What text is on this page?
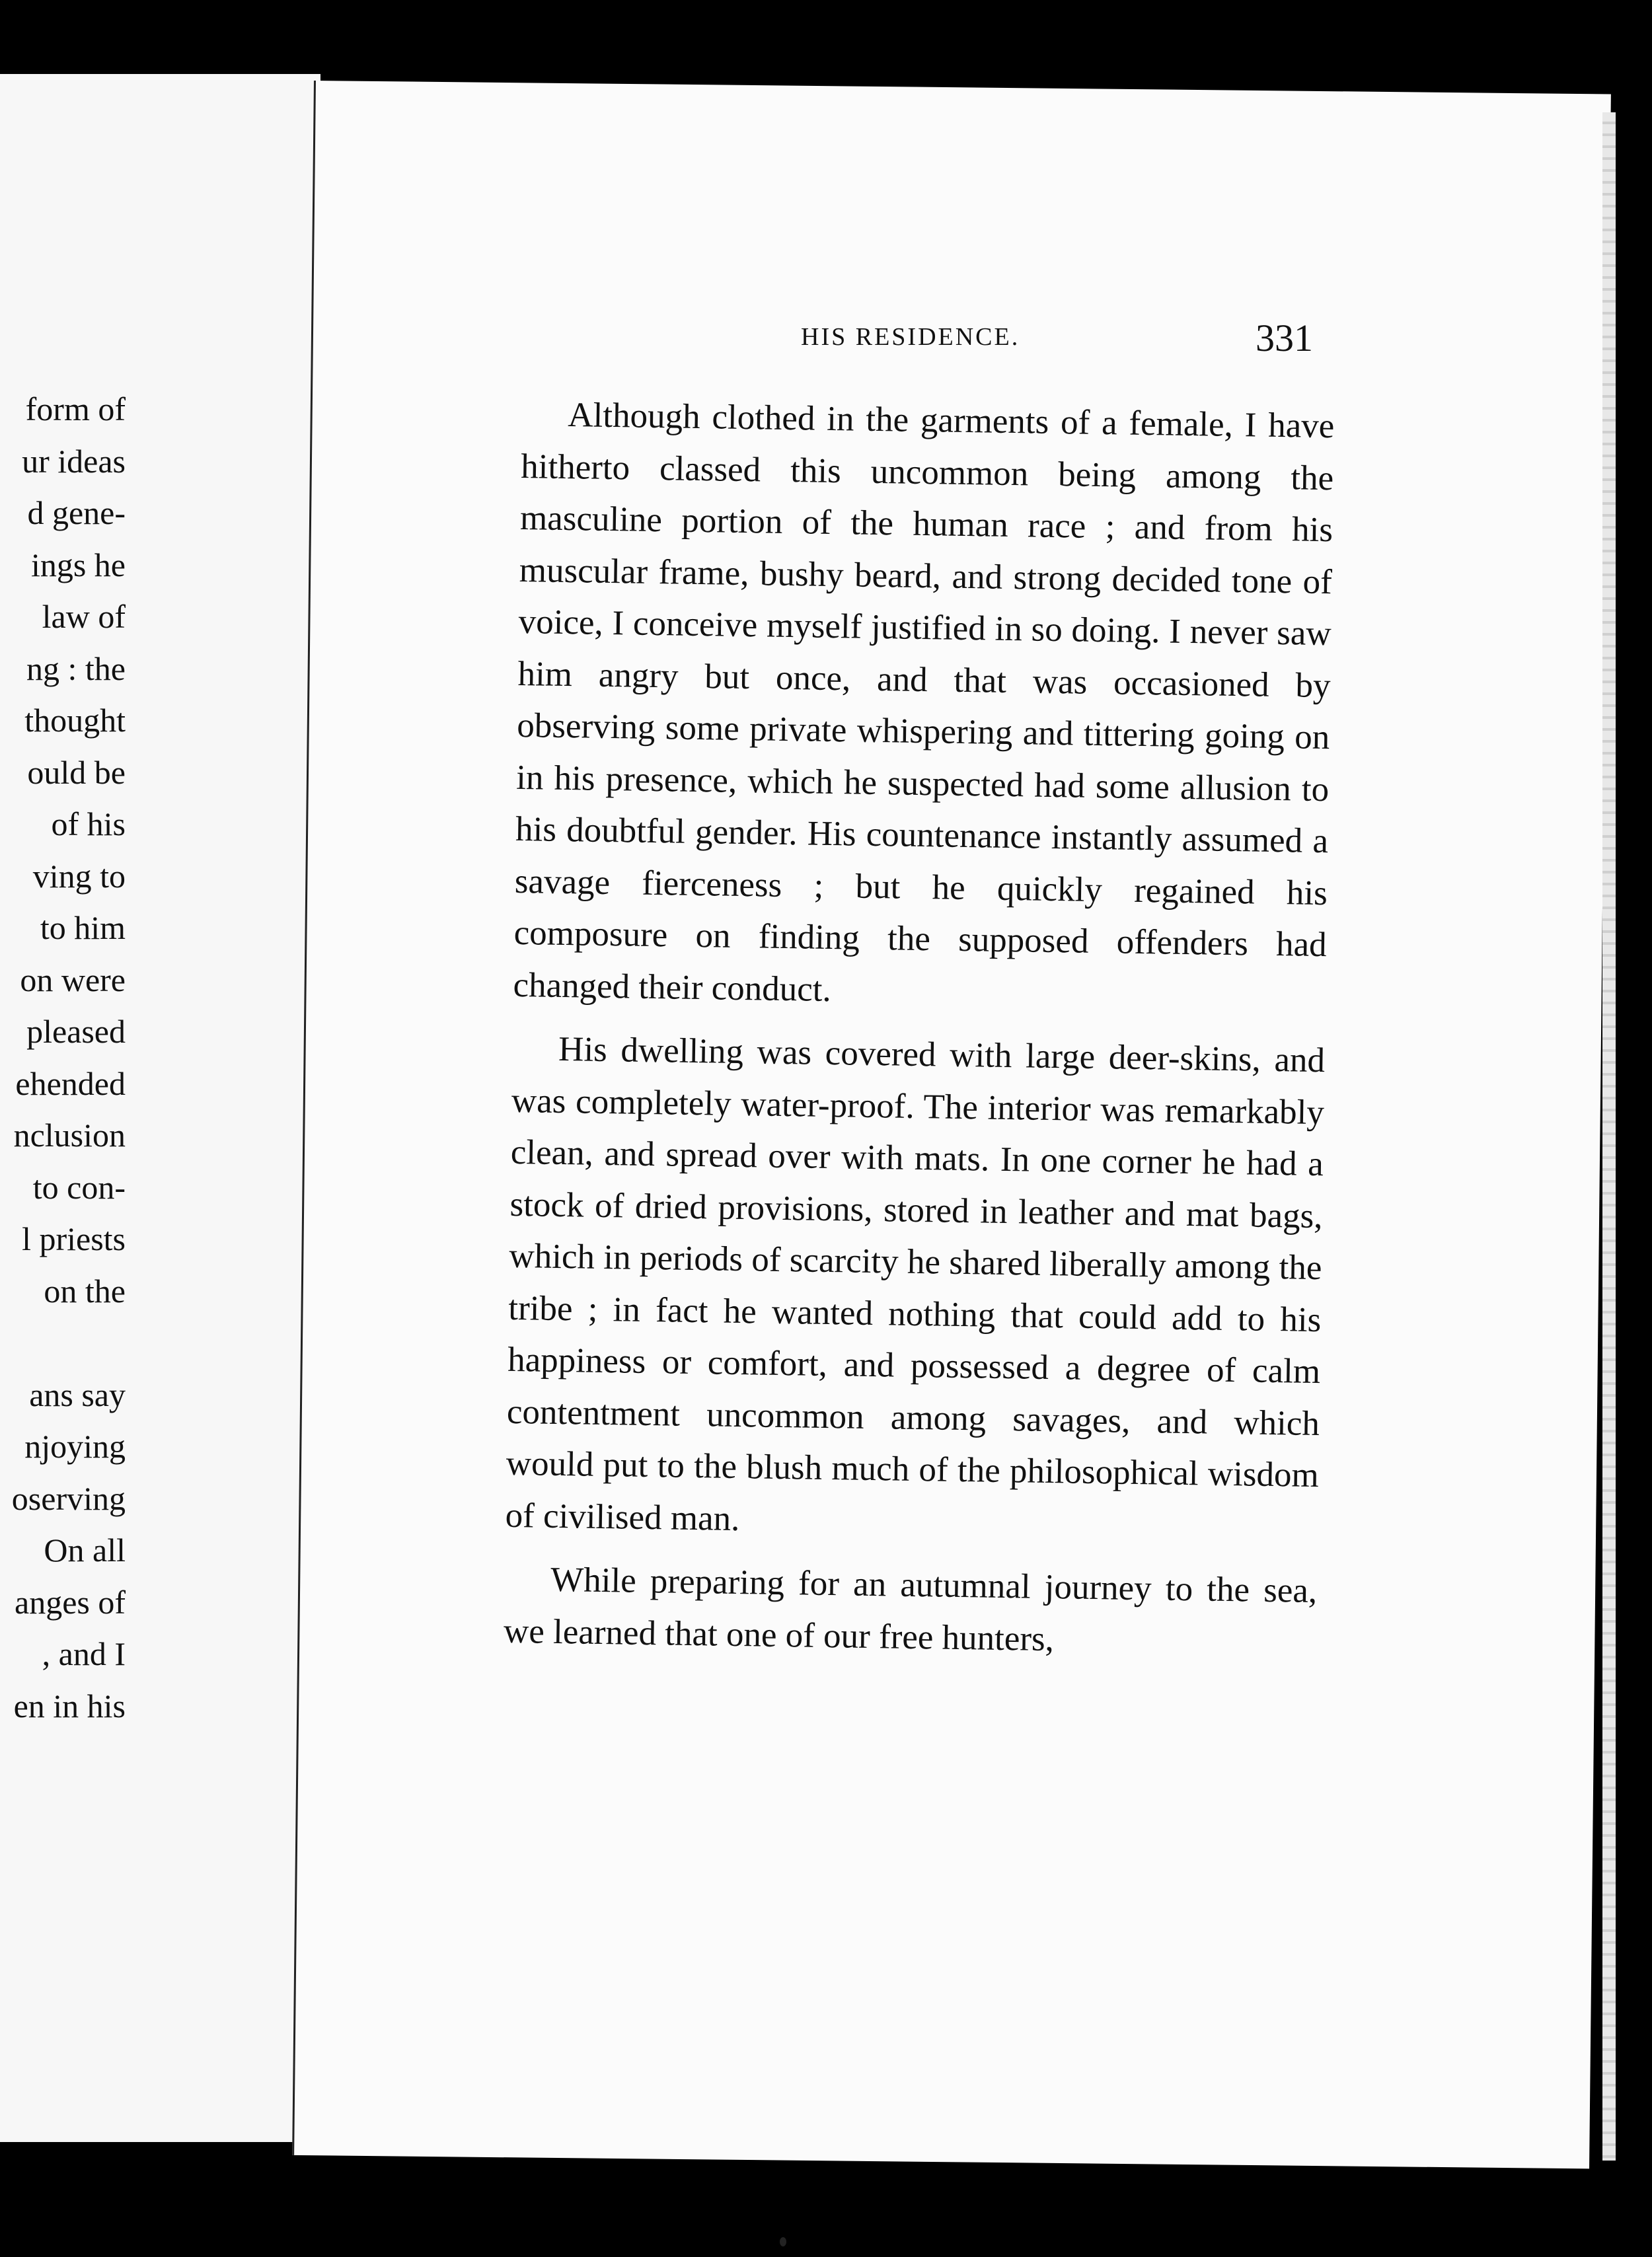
form of
ur ideas
d gene-
ings he
law of
ng : the
thought
ould be
of his
ving to
to him
on were
pleased
ehended
nclusion
to con-
l priests
on the
ans say
njoying
oserving
On all
anges of
, and I
en in his
HIS RESIDENCE.	331

Although clothed in the garments of a female, I have hitherto classed this uncommon being among the masculine portion of the human race ; and from his muscular frame, bushy beard, and strong decided tone of voice, I conceive myself justified in so doing. I never saw him angry but once, and that was occasioned by observing some private whispering and tittering going on in his presence, which he suspected had some allusion to his doubtful gender. His countenance instantly assumed a savage fierceness ; but he quickly regained his composure on finding the supposed offenders had changed their conduct.

His dwelling was covered with large deer-skins, and was completely water-proof. The interior was remarkably clean, and spread over with mats. In one corner he had a stock of dried provisions, stored in leather and mat bags, which in periods of scarcity he shared liberally among the tribe ; in fact he wanted nothing that could add to his happiness or comfort, and possessed a degree of calm contentment uncommon among savages, and which would put to the blush much of the philosophical wisdom of civilised man.

While preparing for an autumnal journey to the sea, we learned that one of our free hunters,
